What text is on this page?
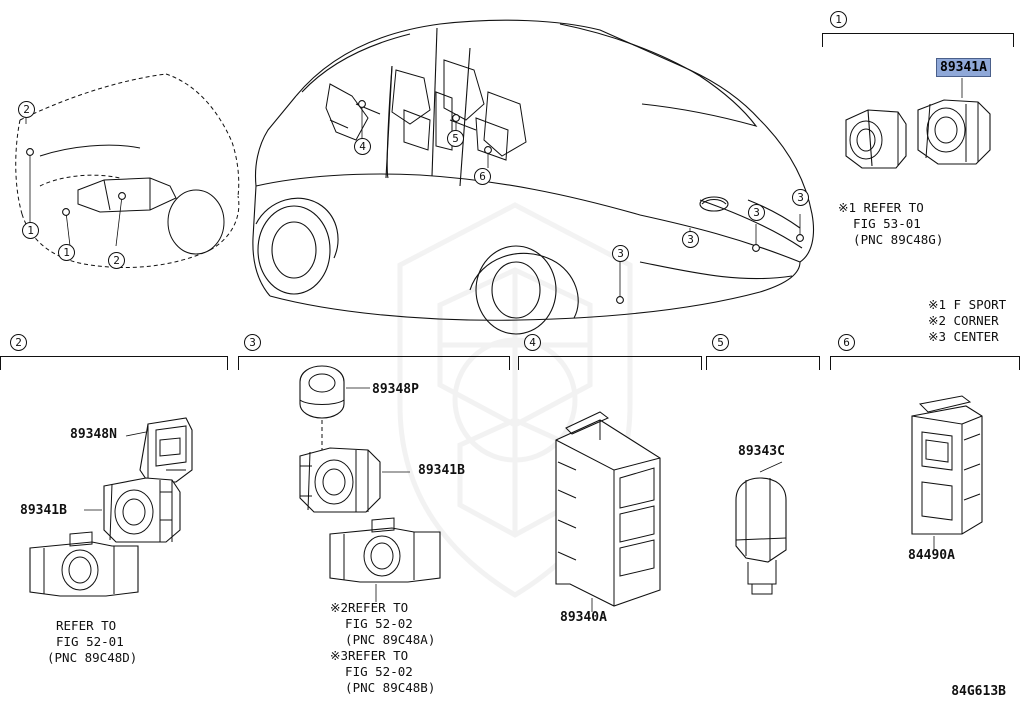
2
1
1
2
4
5
6
3
3
3
3
1
89341A
※1 REFER TO
FIG 53-01
(PNC 89C48G)
※1 F SPORT
※2 CORNER
※3 CENTER
2	3	4	5	6
89348N
89341B
REFER TO
FIG 52-01
(PNC 89C48D)
89348P
89341B
※2REFER TO
FIG 52-02
(PNC 89C48A)
※3REFER TO
FIG 52-02
(PNC 89C48B)
89340A
89343C
84490A
84G613B
